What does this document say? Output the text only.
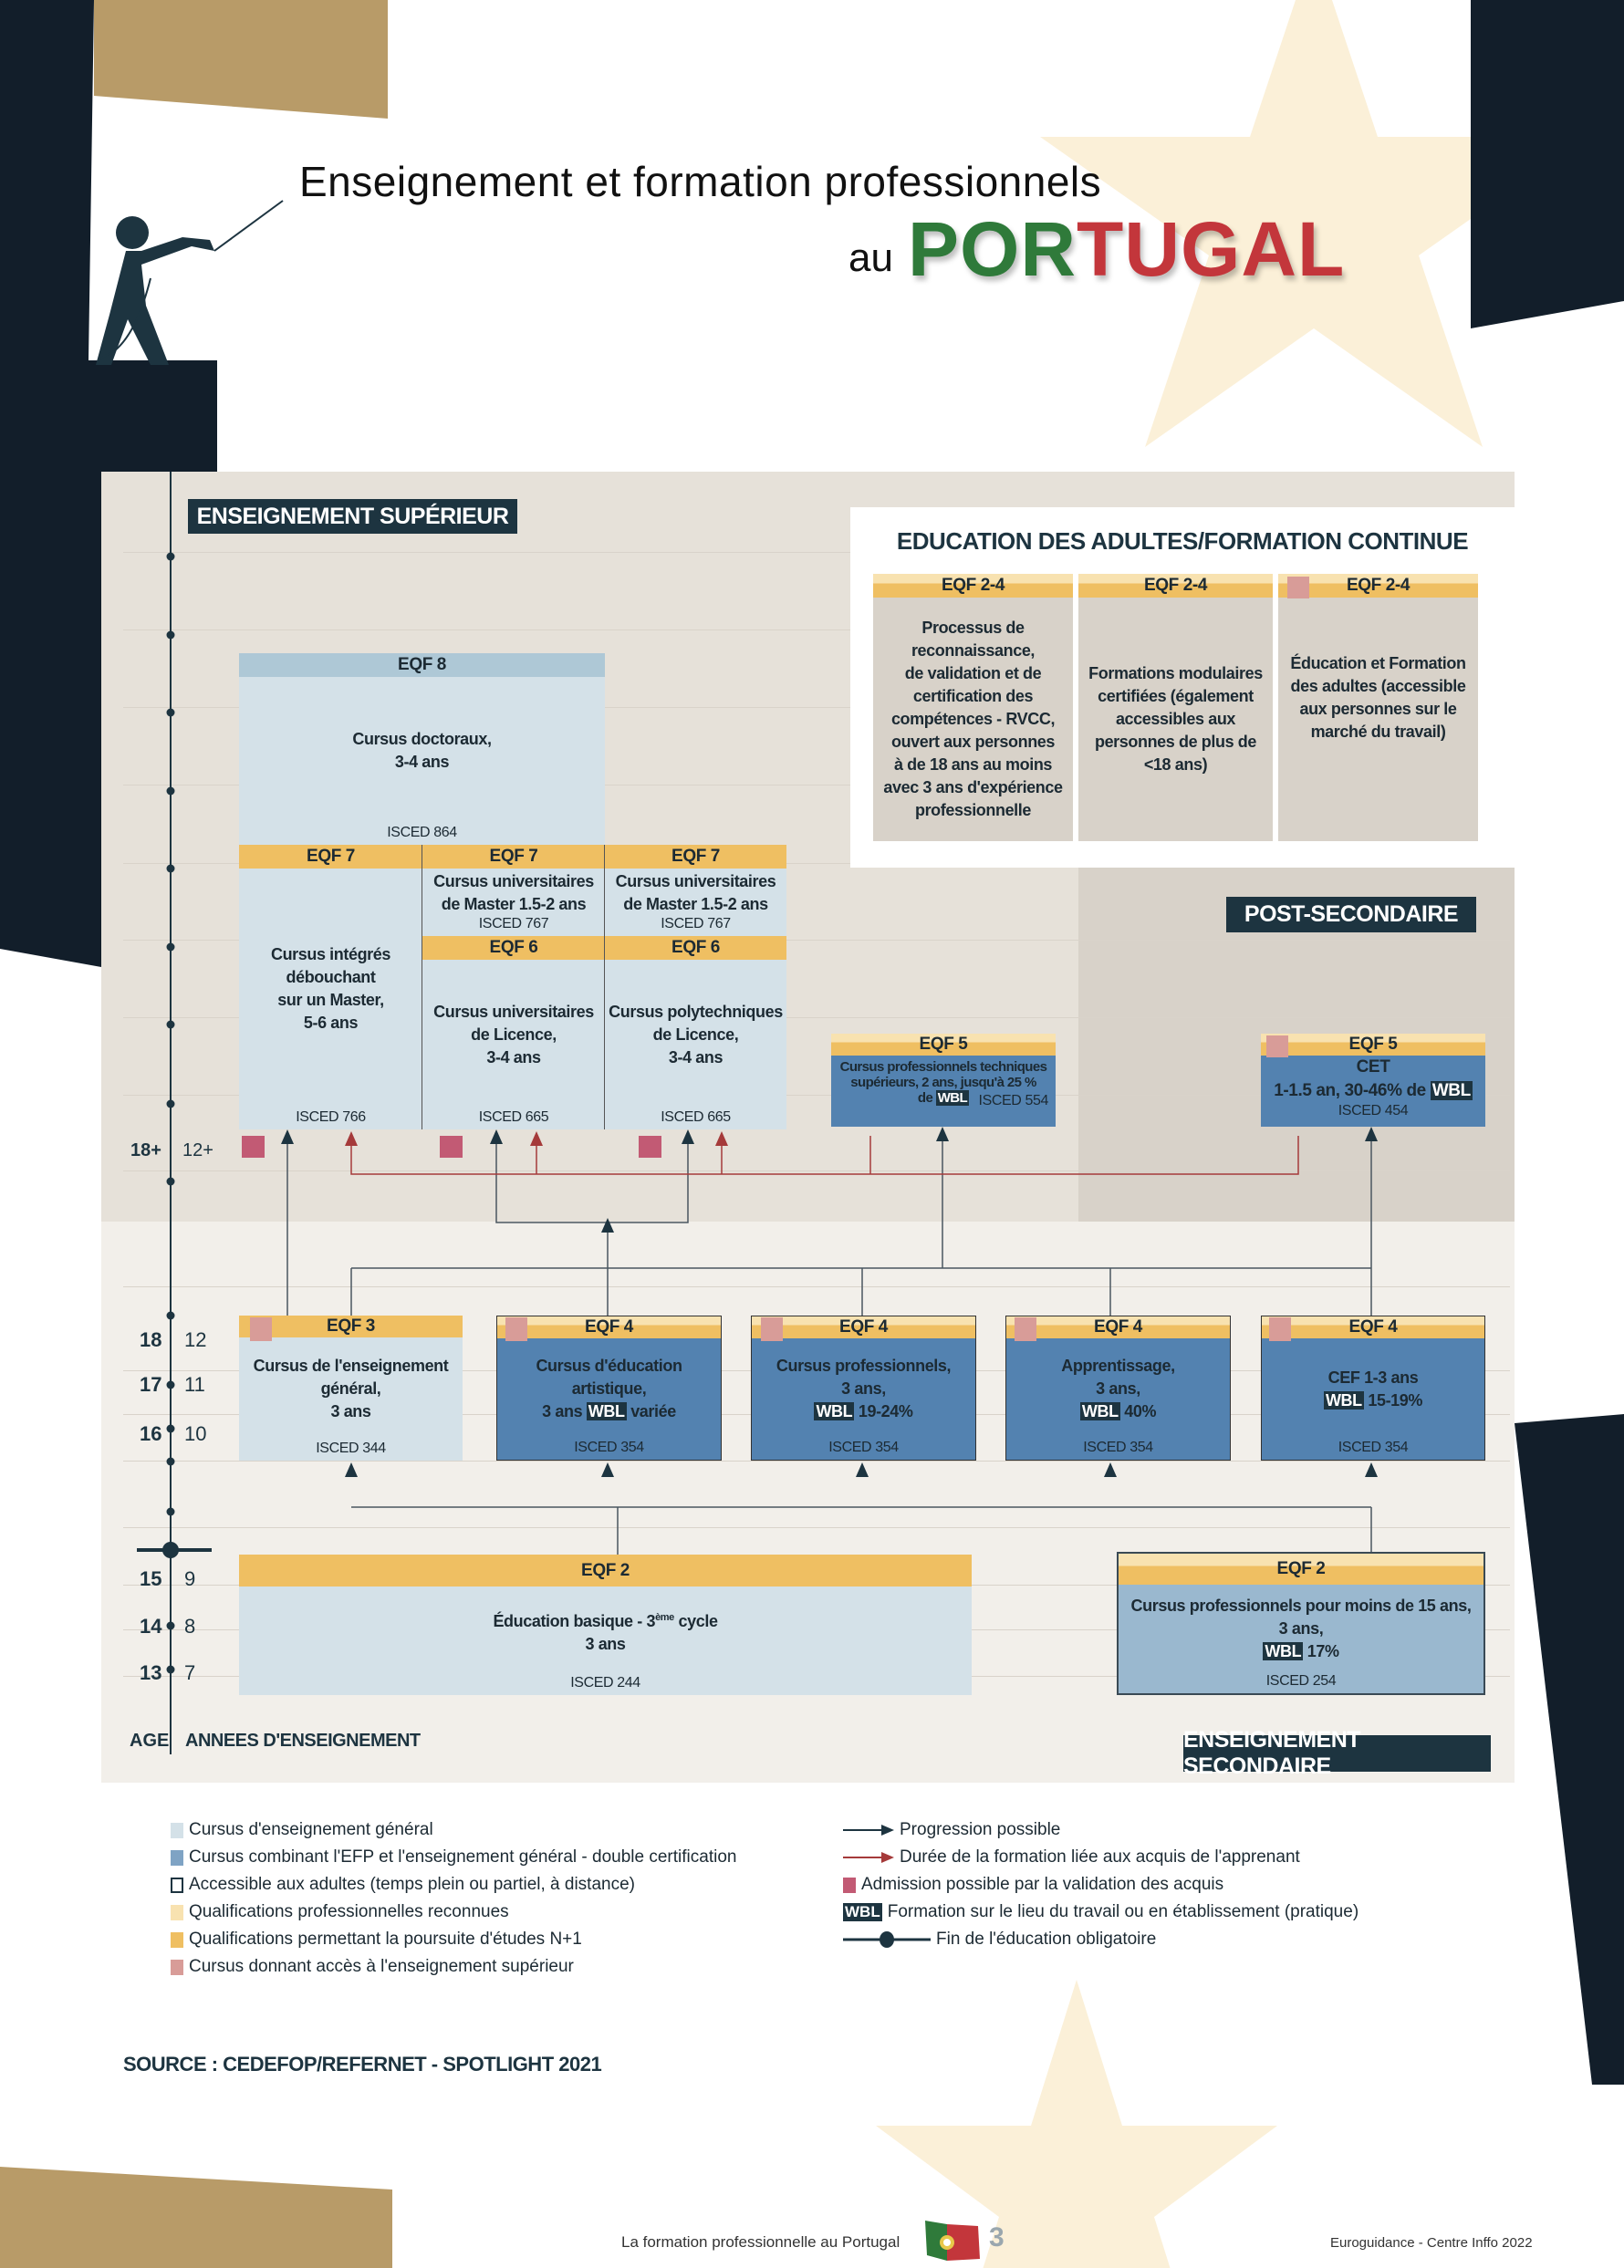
Enseignement et formation professionnels
au PORTUGAL
ENSEIGNEMENT SUPÉRIEUR
EDUCATION DES ADULTES/FORMATION CONTINUE
POST-SECONDAIRE
ENSEIGNEMENT SECONDAIRE
18+ 12+
18 12
17 11
16 10
15 9
14 8
13 7
AGE ANNEES D'ENSEIGNEMENT
EQF 8
Cursus doctoraux,
3-4 ans
ISCED 864
EQF 7
Cursus intégrés
débouchant
sur un Master,
5-6 ans
ISCED 766
EQF 7
Cursus universitaires
de Master 1.5-2 ans
ISCED 767
EQF 6
Cursus universitaires
de Licence,
3-4 ans
ISCED 665
EQF 7
Cursus universitaires
de Master 1.5-2 ans
ISCED 767
EQF 6
Cursus polytechniques
de Licence,
3-4 ans
ISCED 665
EQF 2-4
Processus de
reconnaissance,
de validation et de
certification des
compétences - RVCC,
ouvert aux personnes
à de 18 ans au moins
avec 3 ans d'expérience
professionnelle
EQF 2-4
Formations modulaires
certifiées (également
accessibles aux
personnes de plus de
<18 ans)
EQF 2-4
Éducation et Formation
des adultes (accessible
aux personnes sur le
marché du travail)
EQF 5
Cursus professionnels techniques
supérieurs, 2 ans, jusqu'à 25 %
de WBL ISCED 554
EQF 5
CET
1-1.5 an, 30-46% de WBL
ISCED 454
EQF 3
Cursus de l'enseignement
général,
3 ans
ISCED 344
EQF 4
Cursus d'éducation
artistique,
3 ans WBL variée
ISCED 354
EQF 4
Cursus professionnels,
3 ans,
WBL 19-24%
ISCED 354
EQF 4
Apprentissage,
3 ans,
WBL 40%
ISCED 354
EQF 4
CEF 1-3 ans
WBL 15-19%
ISCED 354
EQF 2
Éducation basique - 3ème cycle
3 ans
ISCED 244
EQF 2
Cursus professionnels pour moins de 15 ans,
3 ans,
WBL 17%
ISCED 254
Cursus d'enseignement général
Cursus combinant l'EFP et l'enseignement général - double certification
Accessible aux adultes (temps plein ou partiel, à distance)
Qualifications professionnelles reconnues
Qualifications permettant la poursuite d'études N+1
Cursus donnant accès à l'enseignement supérieur
Progression possible
Durée de la formation liée aux acquis de l'apprenant
Admission possible par la validation des acquis
WBL Formation sur le lieu du travail ou en établissement (pratique)
Fin de l'éducation obligatoire
SOURCE : CEDEFOP/REFERNET - SPOTLIGHT 2021
La formation professionnelle au Portugal	3	Euroguidance - Centre Inffo 2022
